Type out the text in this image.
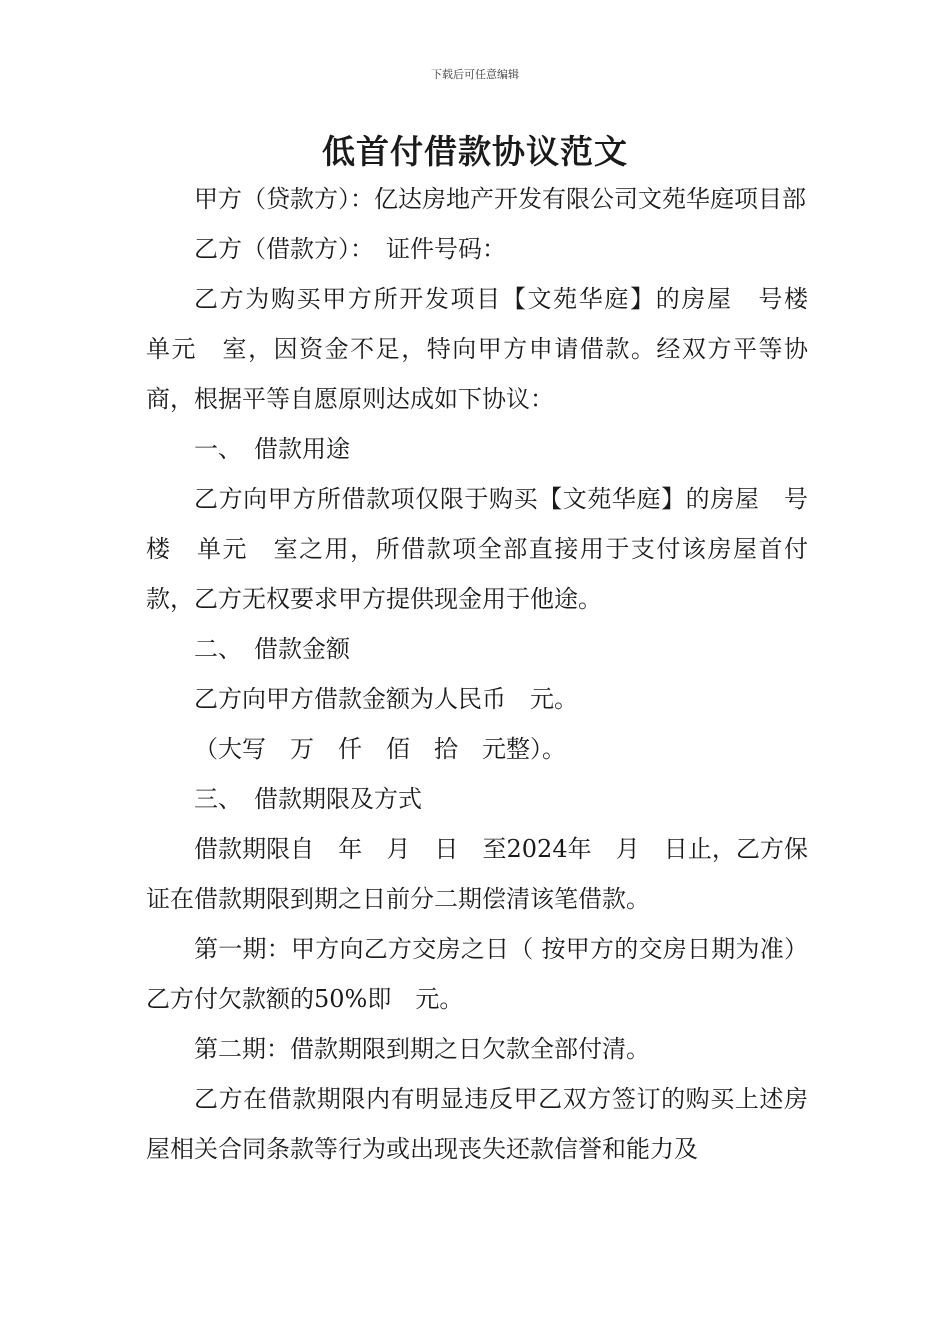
下载后可任意编辑
低首付借款协议范文

甲方（贷款方）：亿达房地产开发有限公司文苑华庭项目部

乙方（借款方）：　证件号码：

乙方为购买甲方所开发项目【文苑华庭】的房屋　号楼　单元　室，因资金不足，特向甲方申请借款。经双方平等协商，根据平等自愿原则达成如下协议：

一、　借款用途

乙方向甲方所借款项仅限于购买【文苑华庭】的房屋　号楼　单元　室之用，所借款项全部直接用于支付该房屋首付款，乙方无权要求甲方提供现金用于他途。

二、　借款金额

乙方向甲方借款金额为人民币　元。

（大写　万　仟　佰　拾　元整）。

三、　借款期限及方式

借款期限自　年　月　日　至2024年　月　日止，乙方保证在借款期限到期之日前分二期偿清该笔借款。

第一期：甲方向乙方交房之日（ 按甲方的交房日期为准）乙方付欠款额的50%即　元。

第二期：借款期限到期之日欠款全部付清。

乙方在借款期限内有明显违反甲乙双方签订的购买上述房屋相关合同条款等行为或出现丧失还款信誉和能力及
